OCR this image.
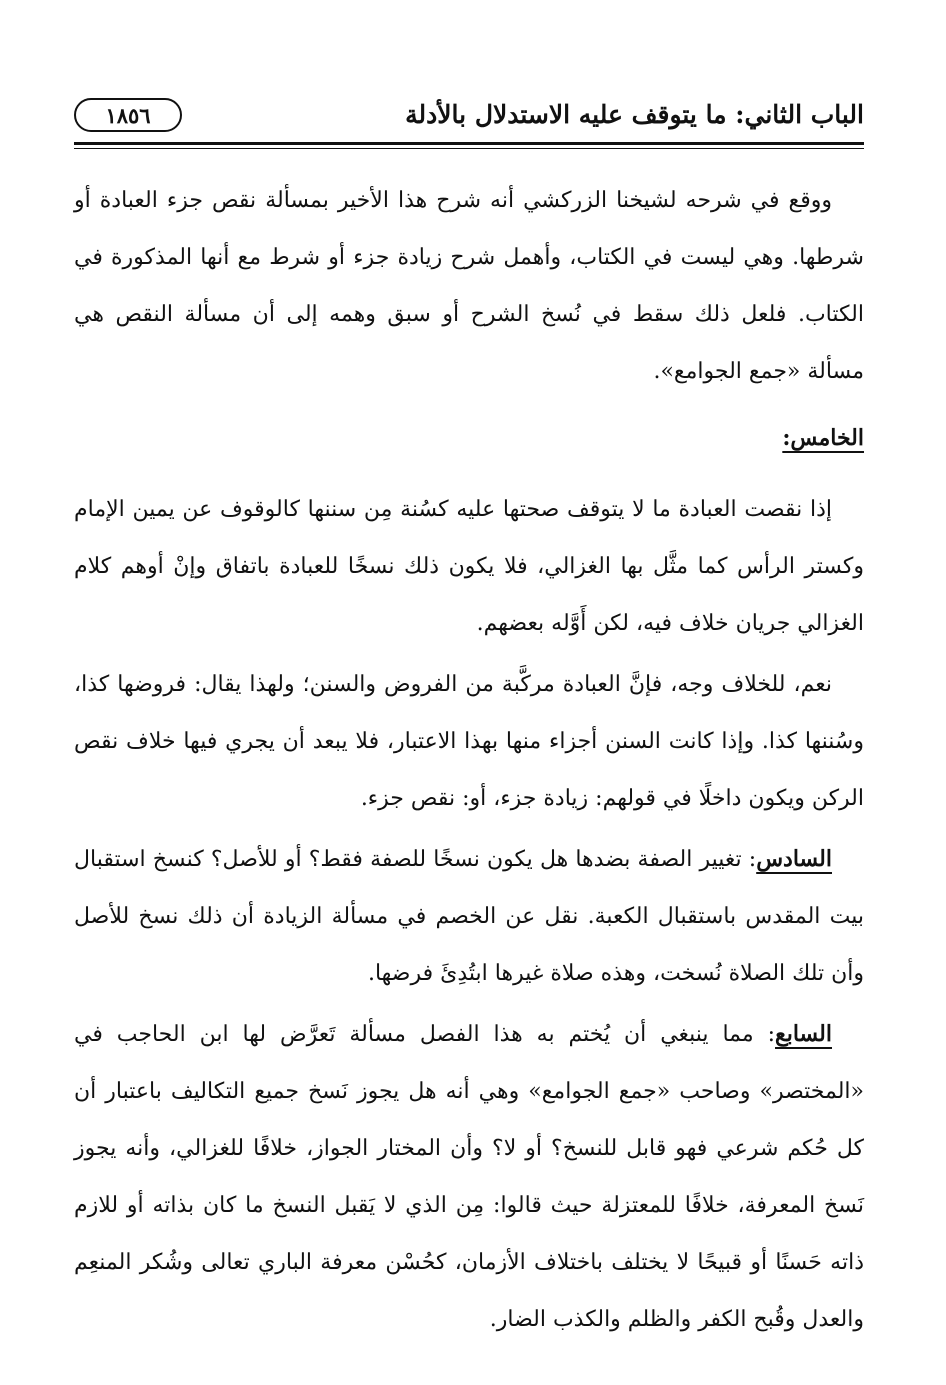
الباب الثاني: ما يتوقف عليه الاستدلال بالأدلة
١٨٥٦

ووقع في شرحه لشيخنا الزركشي أنه شرح هذا الأخير بمسألة نقص جزء العبادة أو شرطها. وهي ليست في الكتاب، وأهمل شرح زيادة جزء أو شرط مع أنها المذكورة في الكتاب. فلعل ذلك سقط في نُسخ الشرح أو سبق وهمه إلى أن مسألة النقص هي مسألة «جمع الجوامع».

الخامس:

إذا نقصت العبادة ما لا يتوقف صحتها عليه كسُنة مِن سننها كالوقوف عن يمين الإمام وكستر الرأس كما مثَّل بها الغزالي، فلا يكون ذلك نسخًا للعبادة باتفاق وإنْ أوهم كلام الغزالي جريان خلاف فيه، لكن أَوَّله بعضهم.

نعم، للخلاف وجه، فإنَّ العبادة مركَّبة من الفروض والسنن؛ ولهذا يقال: فروضها كذا، وسُننها كذا. وإذا كانت السنن أجزاء منها بهذا الاعتبار، فلا يبعد أن يجري فيها خلاف نقص الركن ويكون داخلًا في قولهم: زيادة جزء، أو: نقص جزء.

السادس: تغيير الصفة بضدها هل يكون نسخًا للصفة فقط؟ أو للأصل؟ كنسخ استقبال بيت المقدس باستقبال الكعبة. نقل عن الخصم في مسألة الزيادة أن ذلك نسخ للأصل وأن تلك الصلاة نُسخت، وهذه صلاة غيرها ابتُدِئَ فرضها.

السابع: مما ينبغي أن يُختم به هذا الفصل مسألة تَعرَّض لها ابن الحاجب في «المختصر» وصاحب «جمع الجوامع» وهي أنه هل يجوز نَسخ جميع التكاليف باعتبار أن كل حُكم شرعي فهو قابل للنسخ؟ أو لا؟ وأن المختار الجواز، خلافًا للغزالي، وأنه يجوز نَسخ المعرفة، خلافًا للمعتزلة حيث قالوا: مِن الذي لا يَقبل النسخ ما كان بذاته أو للازم ذاته حَسنًا أو قبيحًا لا يختلف باختلاف الأزمان، كحُسْن معرفة الباري تعالى وشُكر المنعِم والعدل وقُبح الكفر والظلم والكذب الضار.
